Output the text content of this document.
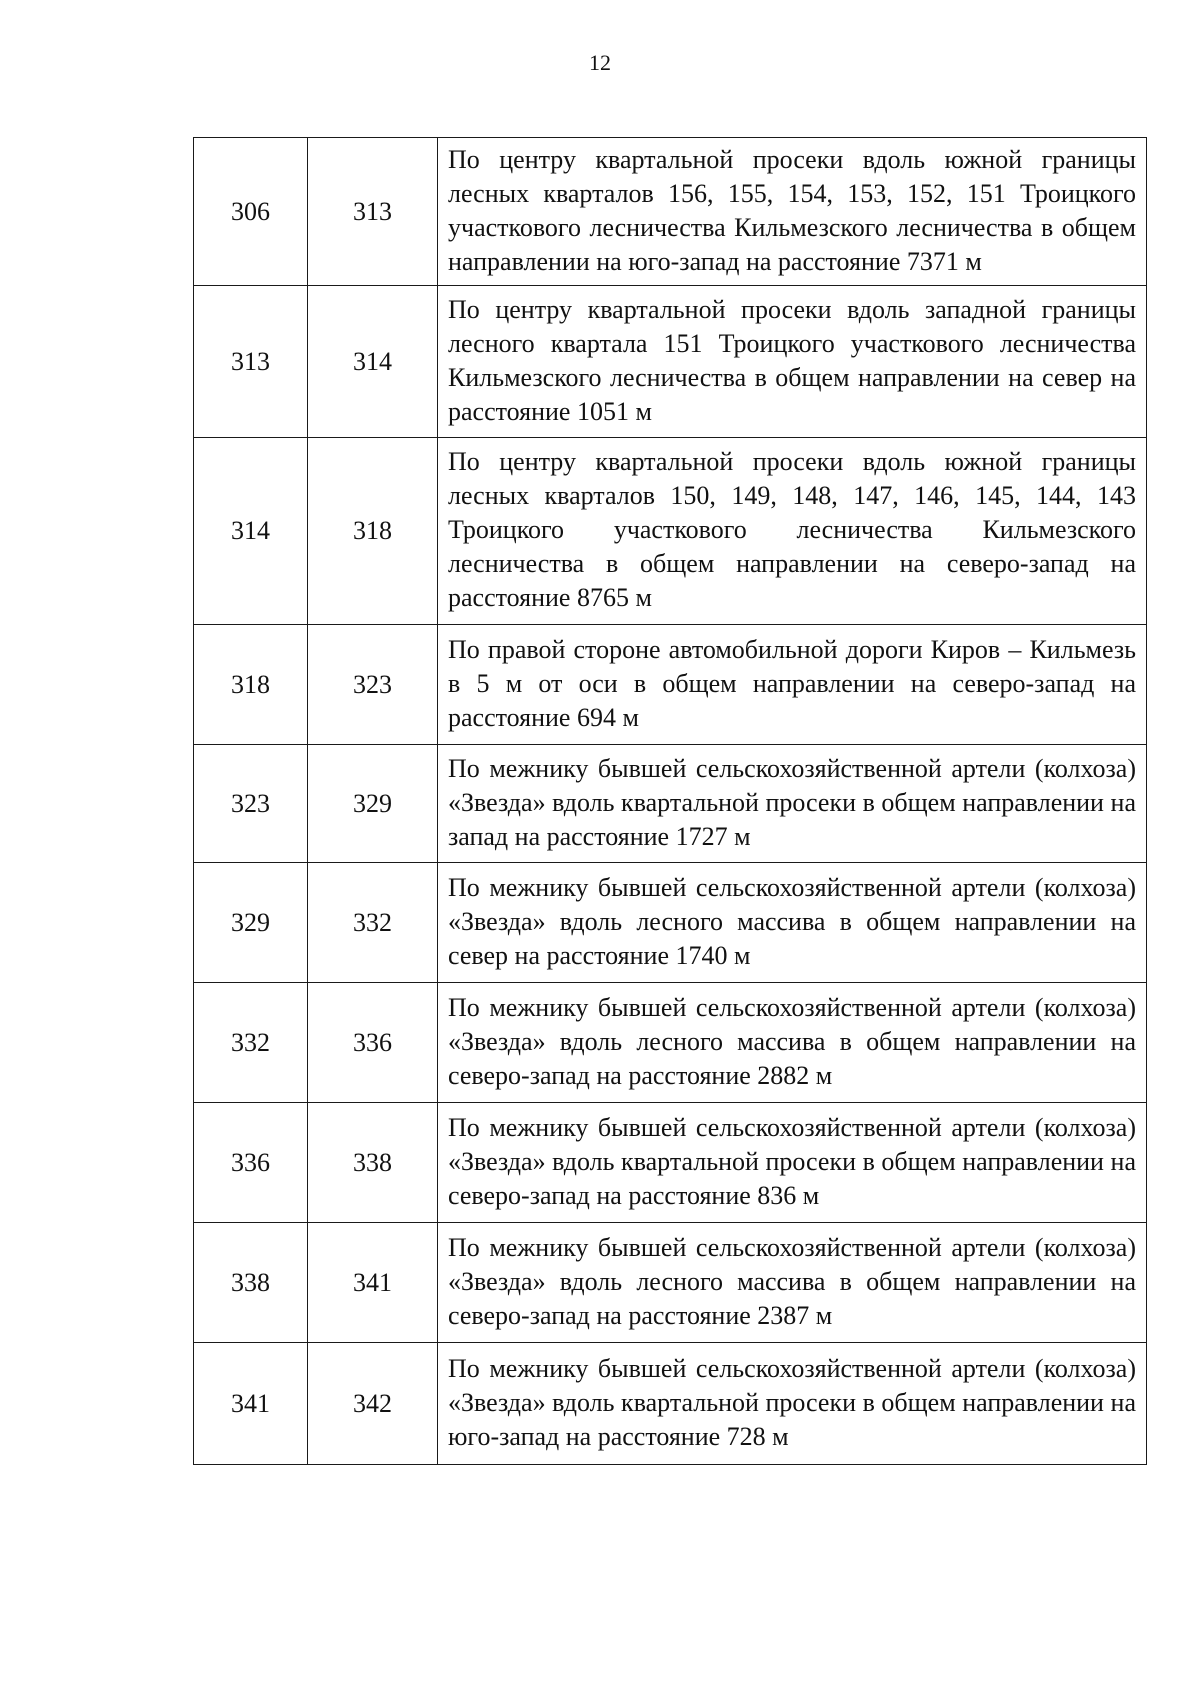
12
306	313	По центру квартальной просеки вдоль южной границы лесных кварталов 156, 155, 154, 153, 152, 151 Троицкого участкового лесничества Кильмезского лесничества в общем направлении на юго-запад на расстояние 7371 м
313	314	По центру квартальной просеки вдоль западной границы лесного квартала 151 Троицкого участкового лесничества Кильмезского лесничества в общем направлении на север на расстояние 1051 м
314	318	По центру квартальной просеки вдоль южной границы лесных кварталов 150, 149, 148, 147, 146, 145, 144, 143 Троицкого участкового лесничества Кильмезского лесничества в общем направлении на северо-запад на расстояние 8765 м
318	323	По правой стороне автомобильной дороги Киров – Кильмезь в 5 м от оси в общем направлении на северо-запад на расстояние 694 м
323	329	По межнику бывшей сельскохозяйственной артели (колхоза) «Звезда» вдоль квартальной просеки в общем направлении на запад на расстояние 1727 м
329	332	По межнику бывшей сельскохозяйственной артели (колхоза) «Звезда» вдоль лесного массива в общем направлении на север на расстояние 1740 м
332	336	По межнику бывшей сельскохозяйственной артели (колхоза) «Звезда» вдоль лесного массива в общем направлении на северо-запад на расстояние 2882 м
336	338	По межнику бывшей сельскохозяйственной артели (колхоза) «Звезда» вдоль квартальной просеки в общем направлении на северо-запад на расстояние 836 м
338	341	По межнику бывшей сельскохозяйственной артели (колхоза) «Звезда» вдоль лесного массива в общем направлении на северо-запад на расстояние 2387 м
341	342	По межнику бывшей сельскохозяйственной артели (колхоза) «Звезда» вдоль квартальной просеки в общем направлении на юго-запад на расстояние 728 м
